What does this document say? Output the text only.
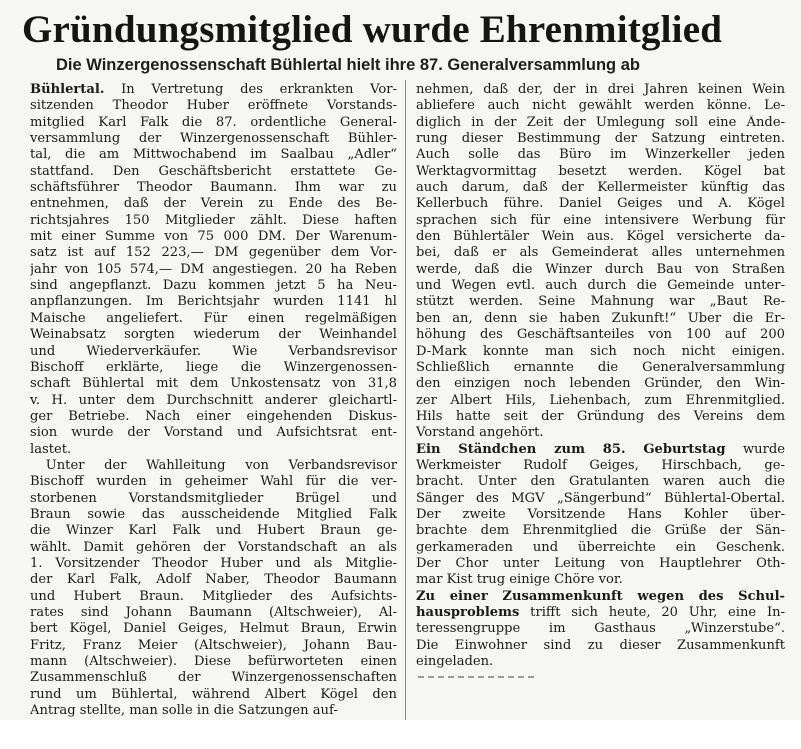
Gründungsmitglied wurde Ehrenmitglied
Die Winzergenossenschaft Bühlertal hielt ihre 87. Generalversammlung ab
Bühlertal. In Vertretung des erkrankten Vor-
sitzenden Theodor Huber eröffnete Vorstands-
mitglied Karl Falk die 87. ordentliche General-
versammlung der Winzergenossenschaft Bühler-
tal, die am Mittwochabend im Saalbau „Adler“
stattfand. Den Geschäftsbericht erstattete Ge-
schäftsführer Theodor Baumann. Ihm war zu
entnehmen, daß der Verein zu Ende des Be-
richtsjahres 150 Mitglieder zählt. Diese haften
mit einer Summe von 75 000 DM. Der Warenum-
satz ist auf 152 223,— DM gegenüber dem Vor-
jahr von 105 574,— DM angestiegen. 20 ha Reben
sind angepflanzt. Dazu kommen jetzt 5 ha Neu-
anpflanzungen. Im Berichtsjahr wurden 1141 hl
Maische angeliefert. Für einen regelmäßigen
Weinabsatz sorgten wiederum der Weinhandel
und Wiederverkäufer. Wie Verbandsrevisor
Bischoff erklärte, liege die Winzergenossen-
schaft Bühlertal mit dem Unkostensatz von 31,8
v. H. unter dem Durchschnitt anderer gleichartl-
ger Betriebe. Nach einer eingehenden Diskus-
sion wurde der Vorstand und Aufsichtsrat ent-
lastet.
Unter der Wahlleitung von Verbandsrevisor
Bischoff wurden in geheimer Wahl für die ver-
storbenen Vorstandsmitglieder Brügel und
Braun sowie das ausscheidende Mitglied Falk
die Winzer Karl Falk und Hubert Braun ge-
wählt. Damit gehören der Vorstandschaft an als
1. Vorsitzender Theodor Huber und als Mitglie-
der Karl Falk, Adolf Naber, Theodor Baumann
und Hubert Braun. Mitglieder des Aufsichts-
rates sind Johann Baumann (Altschweier), Al-
bert Kögel, Daniel Geiges, Helmut Braun, Erwin
Fritz, Franz Meier (Altschweier), Johann Bau-
mann (Altschweier). Diese befürworteten einen
Zusammenschluß der Winzergenossenschaften
rund um Bühlertal, während Albert Kögel den
Antrag stellte, man solle in die Satzungen auf-
nehmen, daß der, der in drei Jahren keinen Wein
abliefere auch nicht gewählt werden könne. Le-
diglich in der Zeit der Umlegung soll eine Ände-
rung dieser Bestimmung der Satzung eintreten.
Auch solle das Büro im Winzerkeller jeden
Werktagvormittag besetzt werden. Kögel bat
auch darum, daß der Kellermeister künftig das
Kellerbuch führe. Daniel Geiges und A. Kögel
sprachen sich für eine intensivere Werbung für
den Bühlertäler Wein aus. Kögel versicherte da-
bei, daß er als Gemeinderat alles unternehmen
werde, daß die Winzer durch Bau von Straßen
und Wegen evtl. auch durch die Gemeinde unter-
stützt werden. Seine Mahnung war „Baut Re-
ben an, denn sie haben Zukunft!“ Über die Er-
höhung des Geschäftsanteiles von 100 auf 200
D-Mark konnte man sich noch nicht einigen.
Schließlich ernannte die Generalversammlung
den einzigen noch lebenden Gründer, den Win-
zer Albert Hils, Liehenbach, zum Ehrenmitglied.
Hils hatte seit der Gründung des Vereins dem
Vorstand angehört.
Ein Ständchen zum 85. Geburtstag wurde
Werkmeister Rudolf Geiges, Hirschbach, ge-
bracht. Unter den Gratulanten waren auch die
Sänger des MGV „Sängerbund“ Bühlertal-Obertal.
Der zweite Vorsitzende Hans Kohler über-
brachte dem Ehrenmitglied die Grüße der Sän-
gerkameraden und überreichte ein Geschenk.
Der Chor unter Leitung von Hauptlehrer Oth-
mar Kist trug einige Chöre vor.
Zu einer Zusammenkunft wegen des Schul-
hausproblems trifft sich heute, 20 Uhr, eine In-
teressengruppe im Gasthaus „Winzerstube“.
Die Einwohner sind zu dieser Zusammenkunft
eingeladen.
